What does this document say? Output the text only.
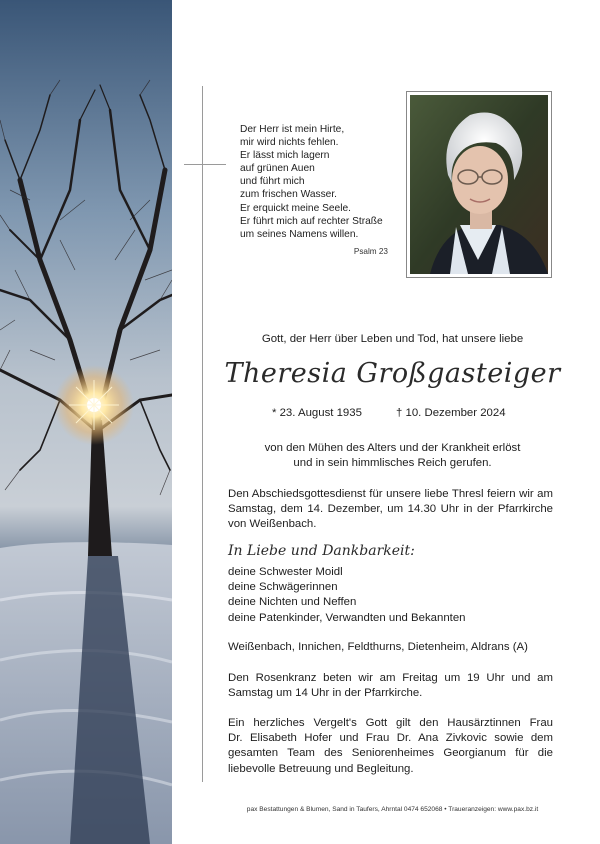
Der Herr ist mein Hirte,
mir wird nichts fehlen.
Er lässt mich lagern
auf grünen Auen
und führt mich
zum frischen Wasser.
Er erquickt meine Seele.
Er führt mich auf rechter Straße
um seines Namens willen.
Psalm 23
Gott, der Herr über Leben und Tod, hat unsere liebe
Theresia Großgasteiger
* 23. August 1935	† 10. Dezember 2024
von den Mühen des Alters und der Krankheit erlöst
und in sein himmlisches Reich gerufen.
Den Abschiedsgottesdienst für unsere liebe Thresl feiern wir am
Samstag, dem 14. Dezember, um 14.30 Uhr in der Pfarrkirche
von Weißenbach.
In Liebe und Dankbarkeit:
deine Schwester Moidl
deine Schwägerinnen
deine Nichten und Neffen
deine Patenkinder, Verwandten und Bekannten
Weißenbach, Innichen, Feldthurns, Dietenheim, Aldrans (A)
Den Rosenkranz beten wir am Freitag um 19 Uhr und am
Samstag um 14 Uhr in der Pfarrkirche.
Ein herzliches Vergelt's Gott gilt den Hausärztinnen Frau
Dr. Elisabeth Hofer und Frau Dr. Ana Zivkovic sowie dem
gesamten Team des Seniorenheimes Georgianum für die
liebevolle Betreuung und Begleitung.
pax Bestattungen & Blumen, Sand in Taufers, Ahrntal 0474 652068 • Traueranzeigen: www.pax.bz.it
